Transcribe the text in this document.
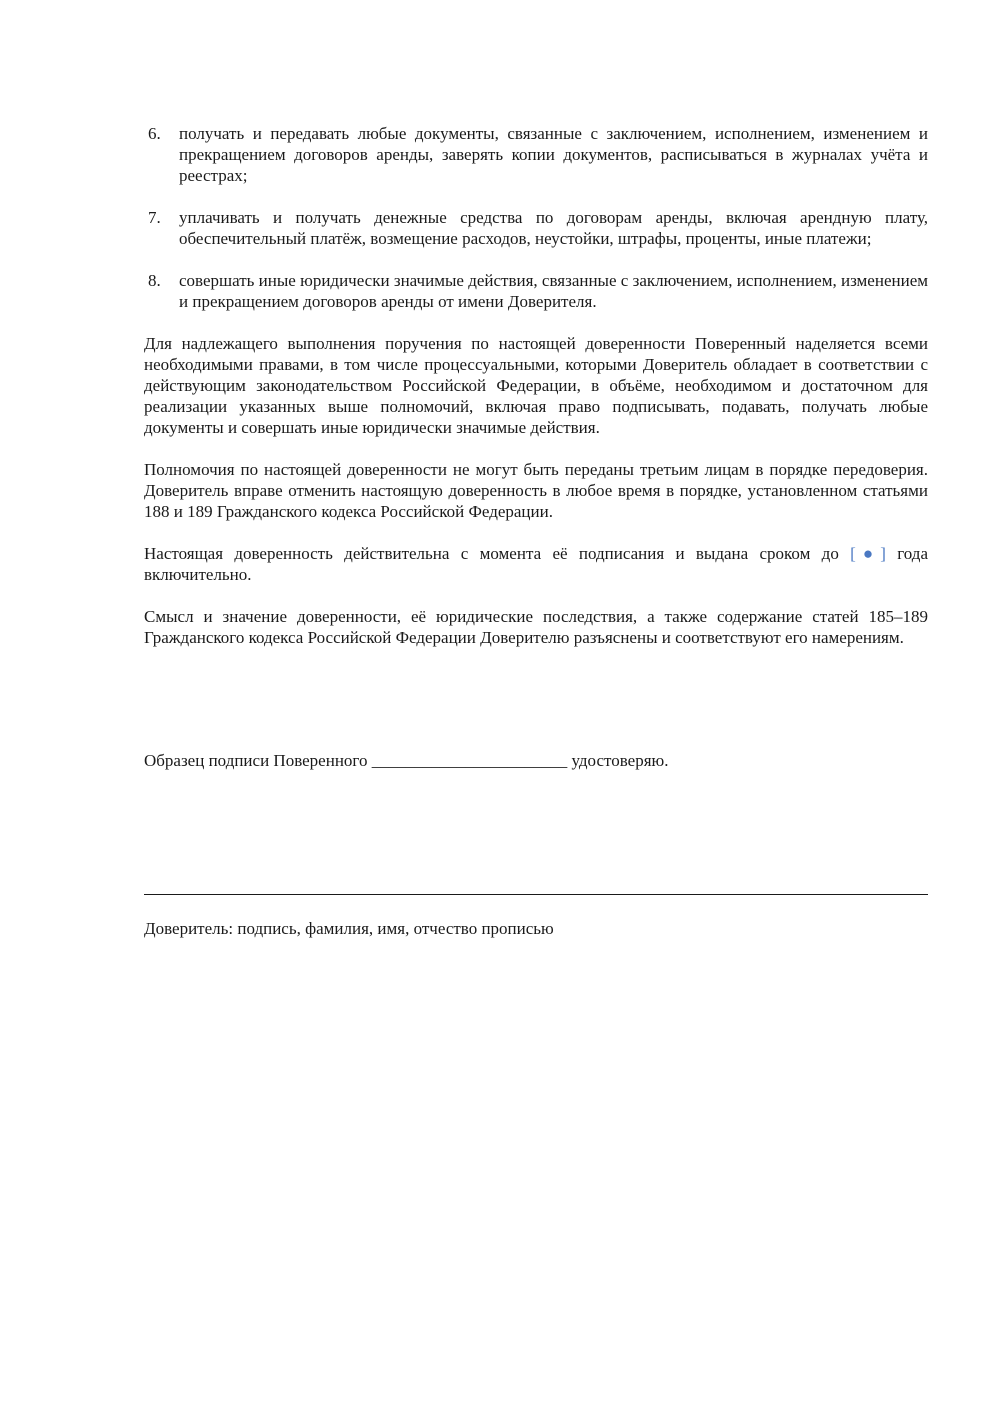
6.	получать и передавать любые документы, связанные с заключением, исполнением, изменением и прекращением договоров аренды, заверять копии документов, расписываться в журналах учёта и реестрах;
7.	уплачивать и получать денежные средства по договорам аренды, включая арендную плату, обеспечительный платёж, возмещение расходов, неустойки, штрафы, проценты, иные платежи;
8.	совершать иные юридически значимые действия, связанные с заключением, исполнением, изменением и прекращением договоров аренды от имени Доверителя.

Для надлежащего выполнения поручения по настоящей доверенности Поверенный наделяется всеми необходимыми правами, в том числе процессуальными, которыми Доверитель обладает в соответствии с действующим законодательством Российской Федерации, в объёме, необходимом и достаточном для реализации указанных выше полномочий, включая право подписывать, подавать, получать любые документы и совершать иные юридически значимые действия.

Полномочия по настоящей доверенности не могут быть переданы третьим лицам в порядке передоверия. Доверитель вправе отменить настоящую доверенность в любое время в порядке, установленном статьями 188 и 189 Гражданского кодекса Российской Федерации.

Настоящая доверенность действительна с момента её подписания и выдана сроком до [●] года включительно.

Смысл и значение доверенности, её юридические последствия, а также содержание статей 185–189 Гражданского кодекса Российской Федерации Доверителю разъяснены и соответствуют его намерениям.

Образец подписи Поверенного _______________________ удостоверяю.
Доверитель: подпись, фамилия, имя, отчество прописью
